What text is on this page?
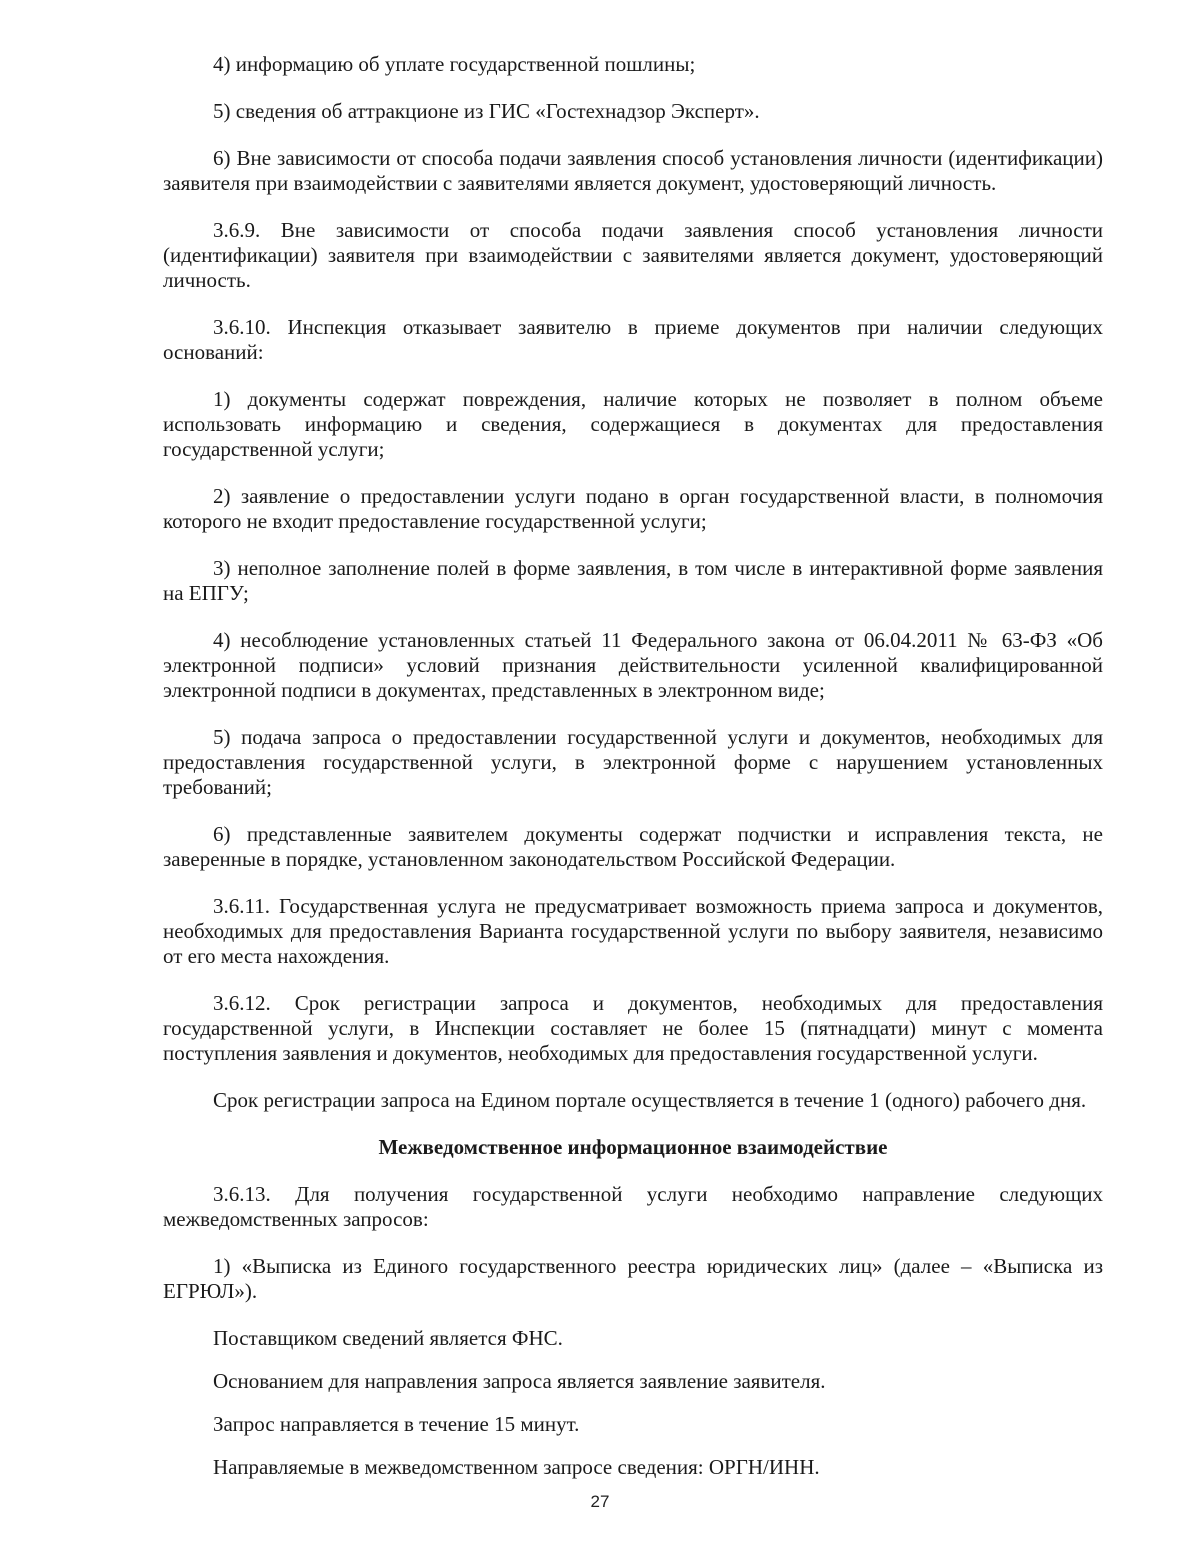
4) информацию об уплате государственной пошлины;

5) сведения об аттракционе из ГИС «Гостехнадзор Эксперт».

6) Вне зависимости от способа подачи заявления способ установления личности (идентификации) заявителя при взаимодействии с заявителями является документ, удостоверяющий личность.

3.6.9. Вне зависимости от способа подачи заявления способ установления личности (идентификации) заявителя при взаимодействии с заявителями является документ, удостоверяющий личность.

3.6.10. Инспекция отказывает заявителю в приеме документов при наличии следующих оснований:

1) документы содержат повреждения, наличие которых не позволяет в полном объеме использовать информацию и сведения, содержащиеся в документах для предоставления государственной услуги;

2) заявление о предоставлении услуги подано в орган государственной власти, в полномочия которого не входит предоставление государственной услуги;

3) неполное заполнение полей в форме заявления, в том числе в интерактивной форме заявления на ЕПГУ;

4) несоблюдение установленных статьей 11 Федерального закона от 06.04.2011 № 63-ФЗ «Об электронной подписи» условий признания действительности усиленной квалифицированной электронной подписи в документах, представленных в электронном виде;

5) подача запроса о предоставлении государственной услуги и документов, необходимых для предоставления государственной услуги, в электронной форме с нарушением установленных требований;

6) представленные заявителем документы содержат подчистки и исправления текста, не заверенные в порядке, установленном законодательством Российской Федерации.

3.6.11. Государственная услуга не предусматривает возможность приема запроса и документов, необходимых для предоставления Варианта государственной услуги по выбору заявителя, независимо от его места нахождения.

3.6.12. Срок регистрации запроса и документов, необходимых для предоставления государственной услуги, в Инспекции составляет не более 15 (пятнадцати) минут с момента поступления заявления и документов, необходимых для предоставления государственной услуги.

Срок регистрации запроса на Едином портале осуществляется в течение 1 (одного) рабочего дня.

Межведомственное информационное взаимодействие

3.6.13. Для получения государственной услуги необходимо направление следующих межведомственных запросов:

1) «Выписка из Единого государственного реестра юридических лиц» (далее – «Выписка из ЕГРЮЛ»).

Поставщиком сведений является ФНС.

Основанием для направления запроса является заявление заявителя.

Запрос направляется в течение 15 минут.

Направляемые в межведомственном запросе сведения: ОРГН/ИНН.

27
